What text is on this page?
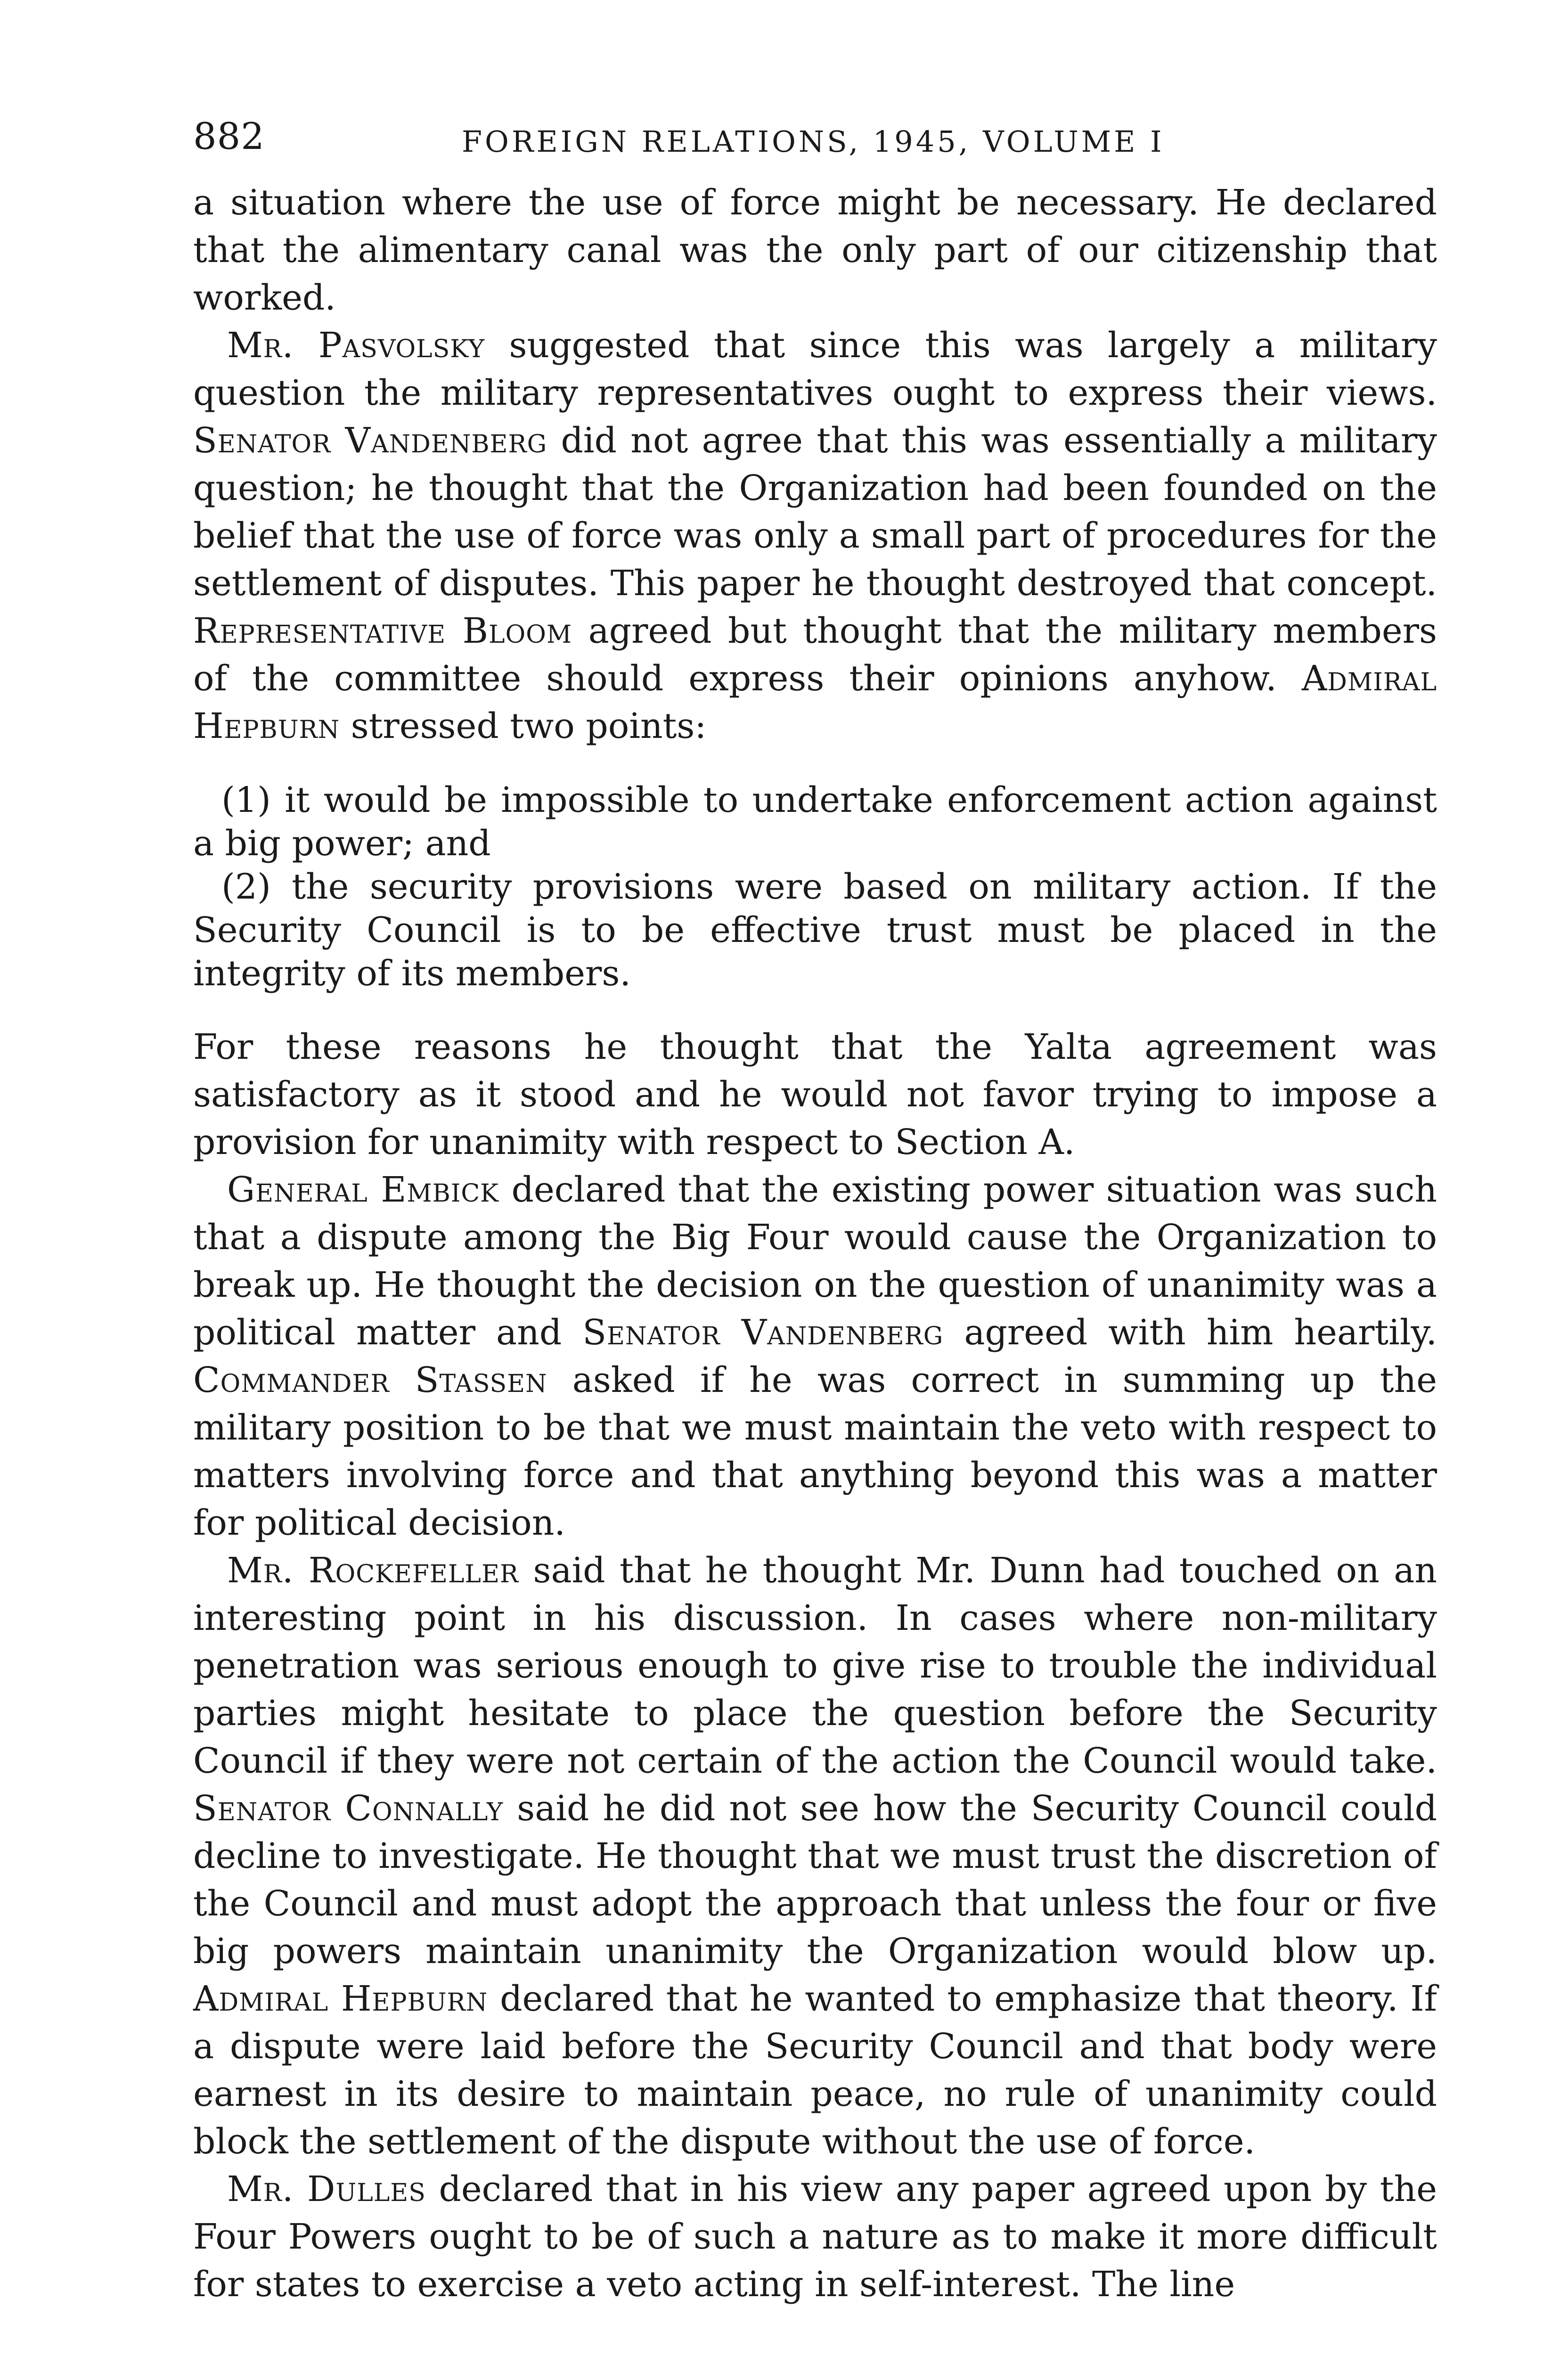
882	FOREIGN RELATIONS, 1945, VOLUME I

a situation where the use of force might be necessary. He declared that the alimentary canal was the only part of our citizenship that worked.

Mr. Pasvolsky suggested that since this was largely a military question the military representatives ought to express their views. Senator Vandenberg did not agree that this was essentially a military question; he thought that the Organization had been founded on the belief that the use of force was only a small part of procedures for the settlement of disputes. This paper he thought destroyed that concept. Representative Bloom agreed but thought that the military members of the committee should express their opinions anyhow. Admiral Hepburn stressed two points:

(1) it would be impossible to undertake enforcement action against a big power; and

(2) the security provisions were based on military action. If the Security Council is to be effective trust must be placed in the integrity of its members.

For these reasons he thought that the Yalta agreement was satisfactory as it stood and he would not favor trying to impose a provision for unanimity with respect to Section A.

General Embick declared that the existing power situation was such that a dispute among the Big Four would cause the Organization to break up. He thought the decision on the question of unanimity was a political matter and Senator Vandenberg agreed with him heartily. Commander Stassen asked if he was correct in summing up the military position to be that we must maintain the veto with respect to matters involving force and that anything beyond this was a matter for political decision.

Mr. Rockefeller said that he thought Mr. Dunn had touched on an interesting point in his discussion. In cases where non-military penetration was serious enough to give rise to trouble the individual parties might hesitate to place the question before the Security Council if they were not certain of the action the Council would take. Senator Connally said he did not see how the Security Council could decline to investigate. He thought that we must trust the discretion of the Council and must adopt the approach that unless the four or five big powers maintain unanimity the Organization would blow up. Admiral Hepburn declared that he wanted to emphasize that theory. If a dispute were laid before the Security Council and that body were earnest in its desire to maintain peace, no rule of unanimity could block the settlement of the dispute without the use of force.

Mr. Dulles declared that in his view any paper agreed upon by the Four Powers ought to be of such a nature as to make it more difficult for states to exercise a veto acting in self-interest. The line
